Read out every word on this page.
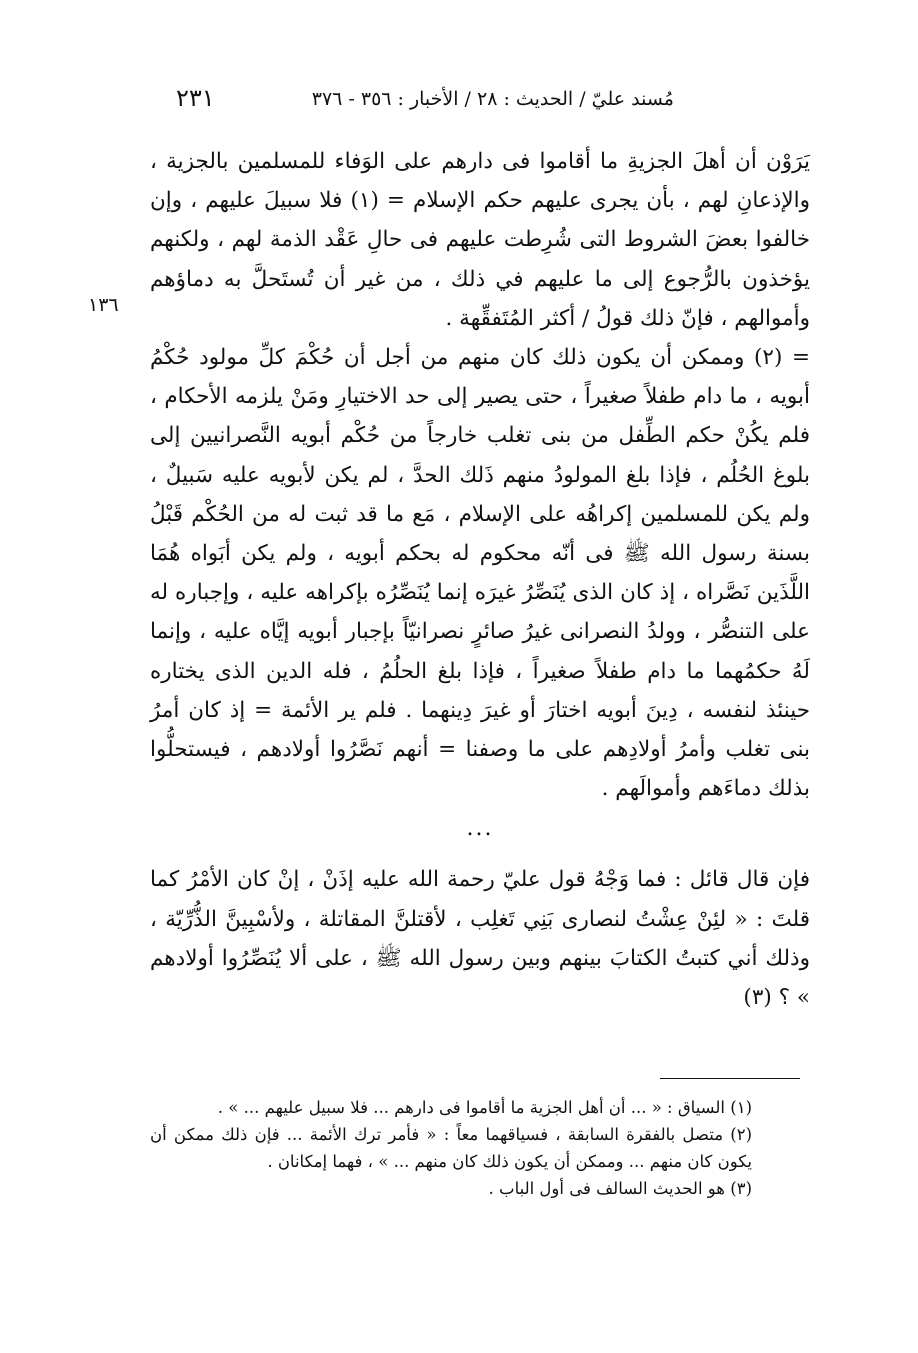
٢٣١	مُسند عليّ / الحديث : ٢٨ / الأخبار : ٣٥٦ - ٣٧٦
١٣٦

يَرَوْن أن أهلَ الجزيةِ ما أقاموا فى دارهم على الوَفاء للمسلمين بالجزية ، والإذعانِ لهم ، بأن يجرى عليهم حكم الإسلام = (١) فلا سبيلَ عليهم ، وإن خالفوا بعضَ الشروط التى شُرِطت عليهم فى حالِ عَقْد الذمة لهم ، ولكنهم يؤخذون بالرُّجوع إلى ما عليهم في ذلك ، من غير أن تُستَحلَّ به دماؤهم وأموالهم ، فإنّ ذلك قولُ / أكثر المُتَفقِّهة .

= (٢) وممكن أن يكون ذلك كان منهم من أجل أن حُكْمَ كلِّ مولود حُكْمُ أبويه ، ما دام طفلاً صغيراً ، حتى يصير إلى حد الاختيارِ ومَنْ يلزمه الأحكام ، فلم يكُنْ حكم الطِّفل من بنى تغلب خارجاً من حُكْم أبويه النَّصرانيين إلى بلوغ الحُلُم ، فإذا بلغ المولودُ منهم ذَلك الحدَّ ، لم يكن لأبويه عليه سَبيلٌ ، ولم يكن للمسلمين إكراهُه على الإسلام ، مَع ما قد ثبت له من الحُكْم قَبْلُ بسنة رسول الله ﷺ فى أنّه محكوم له بحكم أبويه ، ولم يكن أبَواه هُمَا اللَّذَين نَصَّراه ، إذ كان الذى يُنَصِّرُ غيرَه إنما يُنَصِّرُه بإكراهه عليه ، وإجباره له على التنصُّر ، وولدُ النصرانى غيرُ صائرٍ نصرانيّاً بإجبار أبويه إيَّاه عليه ، وإنما لَهُ حكمُهما ما دام طفلاً صغيراً ، فإذا بلغ الحلُمُ ، فله الدين الذى يختاره حينئذ لنفسه ، دِينَ أبويه اختارَ أو غيرَ دِينهما . فلم ير الأئمة = إذ كان أمرُ بنى تغلب وأمرُ أولادِهم على ما وصفنا = أنهم نَصَّرُوا أولادهم ، فيستحلُّوا بذلك دماءَهم وأموالَهم .

...

فإن قال قائل : فما وَجْهُ قول عليّ رحمة الله عليه إذَنْ ، إنْ كان الأمْرُ كما قلتَ : « لئِنْ عِشْتُ لنصارى بَنِي تَغلِب ، لأقتلنَّ المقاتلة ، ولأسْبِينَّ الذُّرِّيّة ، وذلك أني كتبتُ الكتابَ بينهم وبين رسول الله ﷺ ، على ألا يُنَصِّرُوا أولادهم » ؟ (٣)

(١) السياق : « ... أن أهل الجزية ما أقاموا فى دارهم ... فلا سبيل عليهم ... » .

(٢) متصل بالفقرة السابقة ، فسياقهما معاً : « فأمر ترك الأئمة ... فإن ذلك ممكن أن يكون كان منهم ... وممكن أن يكون ذلك كان منهم ... » ، فهما إمكانان .

(٣) هو الحديث السالف فى أول الباب .
